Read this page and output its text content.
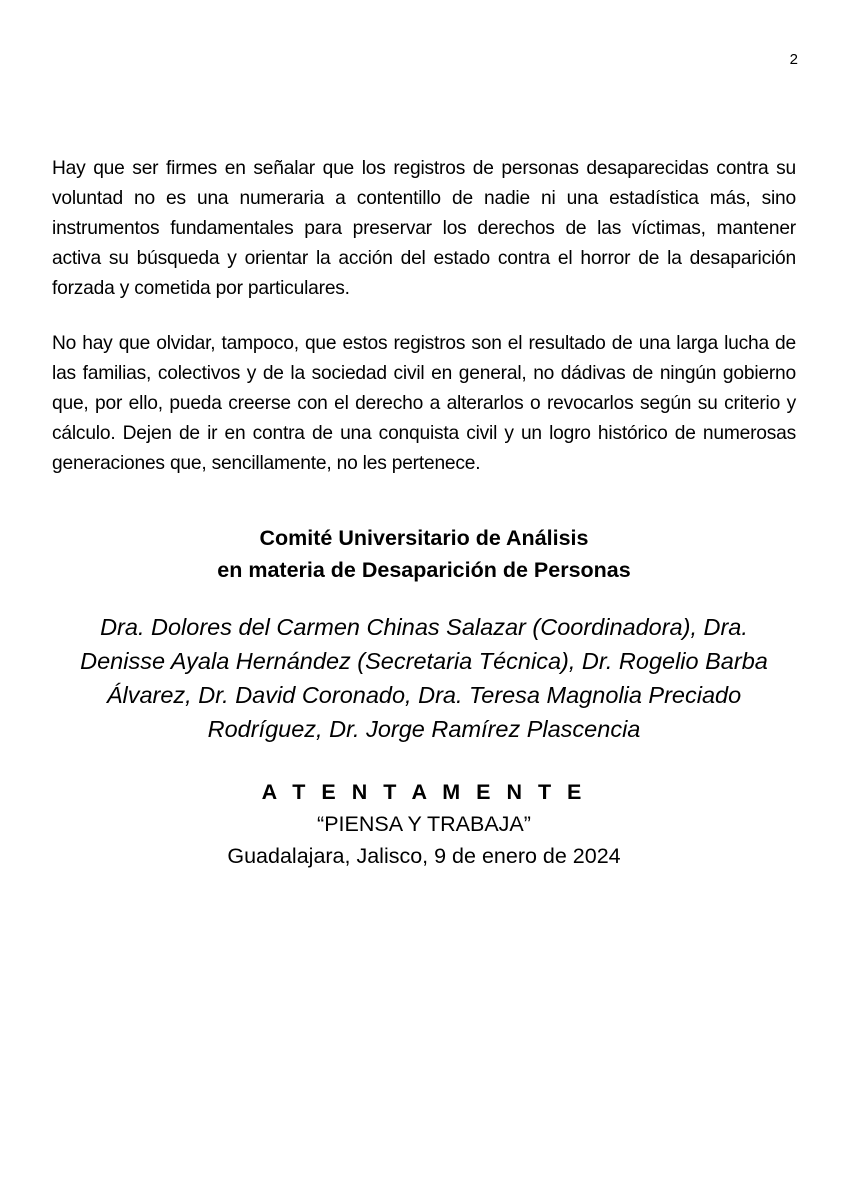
2

Hay que ser firmes en señalar que los registros de personas desaparecidas contra su voluntad no es una numeraria a contentillo de nadie ni una estadística más, sino instrumentos fundamentales para preservar los derechos de las víctimas, mantener activa su búsqueda y orientar la acción del estado contra el horror de la desaparición forzada y cometida por particulares.

No hay que olvidar, tampoco, que estos registros son el resultado de una larga lucha de las familias, colectivos y de la sociedad civil en general, no dádivas de ningún gobierno que, por ello, pueda creerse con el derecho a alterarlos o revocarlos según su criterio y cálculo. Dejen de ir en contra de una conquista civil y un logro histórico de numerosas generaciones que, sencillamente, no les pertenece.

Comité Universitario de Análisis

en materia de Desaparición de Personas

Dra. Dolores del Carmen Chinas Salazar (Coordinadora), Dra.
Denisse Ayala Hernández (Secretaria Técnica), Dr. Rogelio Barba
Álvarez, Dr. David Coronado, Dra. Teresa Magnolia Preciado
Rodríguez, Dr. Jorge Ramírez Plascencia
A T E N T A M E N T E
“PIENSA Y TRABAJA”
Guadalajara, Jalisco, 9 de enero de 2024
